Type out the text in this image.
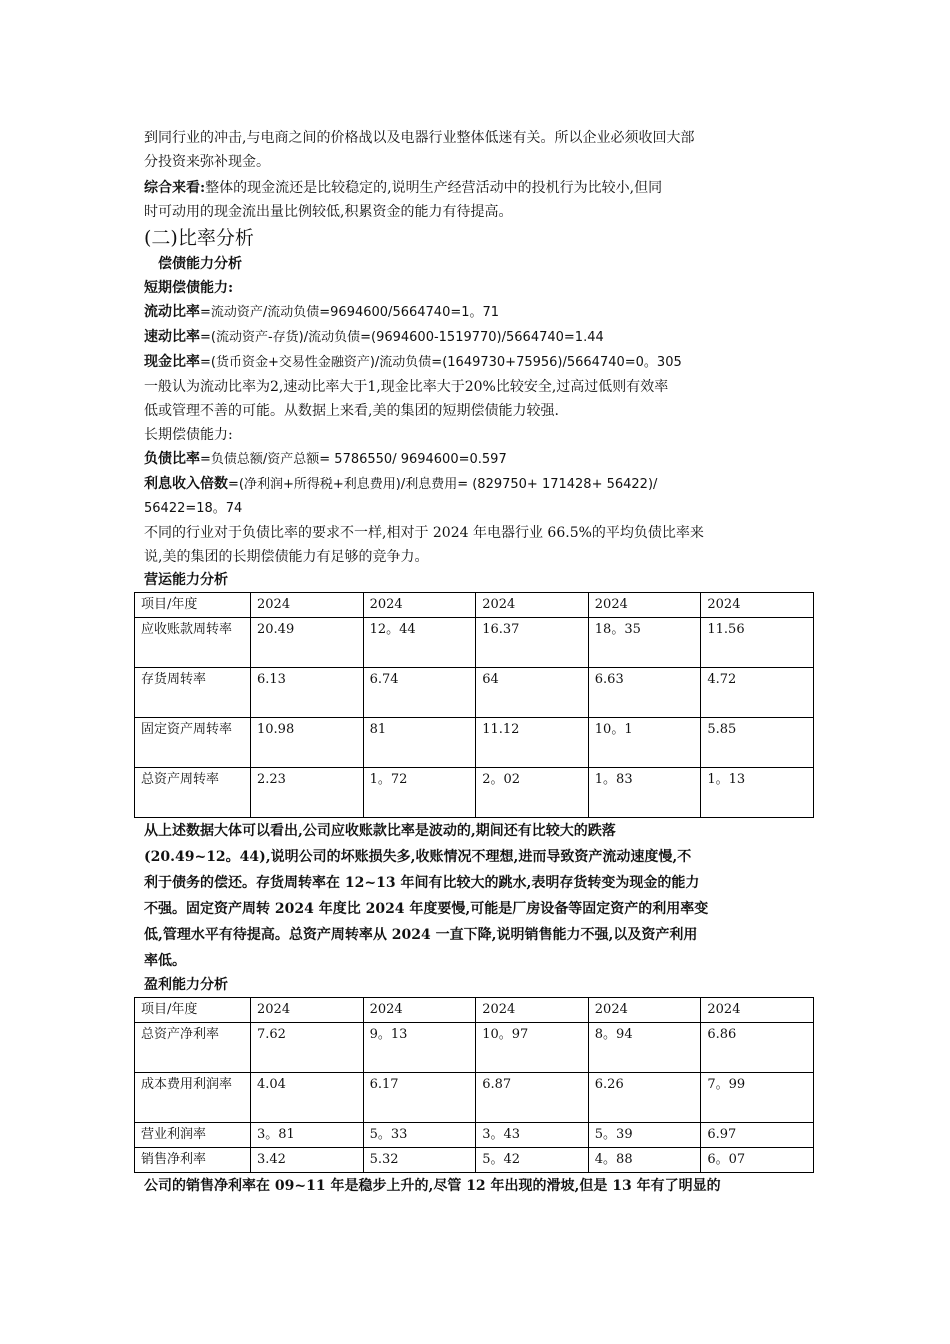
到同行业的冲击,与电商之间的价格战以及电器行业整体低迷有关。所以企业必须收回大部

分投资来弥补现金。

综合来看:整体的现金流还是比较稳定的,说明生产经营活动中的投机行为比较小,但同

时可动用的现金流出量比例较低,积累资金的能力有待提高。

(二)比率分析

偿债能力分析

短期偿债能力:

流动比率=流动资产/流动负债=9694600/5664740=1。71

速动比率=(流动资产-存货)/流动负债=(9694600-1519770)/5664740=1.44

现金比率=(货币资金+交易性金融资产)/流动负债=(1649730+75956)/5664740=0。305

一般认为流动比率为2,速动比率大于1,现金比率大于20%比较安全,过高过低则有效率

低或管理不善的可能。从数据上来看,美的集团的短期偿债能力较强.

长期偿债能力:

负债比率=负债总额/资产总额= 5786550/ 9694600=0.597

利息收入倍数=(净利润+所得税+利息费用)/利息费用= (829750+ 171428+ 56422)/

56422=18。74

不同的行业对于负债比率的要求不一样,相对于 2024 年电器行业 66.5%的平均负债比率来

说,美的集团的长期偿债能力有足够的竞争力。

营运能力分析

项目/年度	2024	2024	2024	2024	2024
应收账款周转率	20.49	12。44	16.37	18。35	11.56
存货周转率	6.13	6.74	64	6.63	4.72
固定资产周转率	10.98	81	11.12	10。1	5.85
总资产周转率	2.23	1。72	2。02	1。83	1。13

从上述数据大体可以看出,公司应收账款比率是波动的,期间还有比较大的跌落

(20.49~12。44),说明公司的坏账损失多,收账情况不理想,进而导致资产流动速度慢,不

利于债务的偿还。存货周转率在 12~13 年间有比较大的跳水,表明存货转变为现金的能力

不强。固定资产周转 2024 年度比 2024 年度要慢,可能是厂房设备等固定资产的利用率变

低,管理水平有待提高。总资产周转率从 2024 一直下降,说明销售能力不强,以及资产利用

率低。

盈利能力分析

项目/年度	2024	2024	2024	2024	2024
总资产净利率	7.62	9。13	10。97	8。94	6.86
成本费用利润率	4.04	6.17	6.87	6.26	7。99
营业利润率	3。81	5。33	3。43	5。39	6.97
销售净利率	3.42	5.32	5。42	4。88	6。07

公司的销售净利率在 09~11 年是稳步上升的,尽管 12 年出现的滑坡,但是 13 年有了明显的
